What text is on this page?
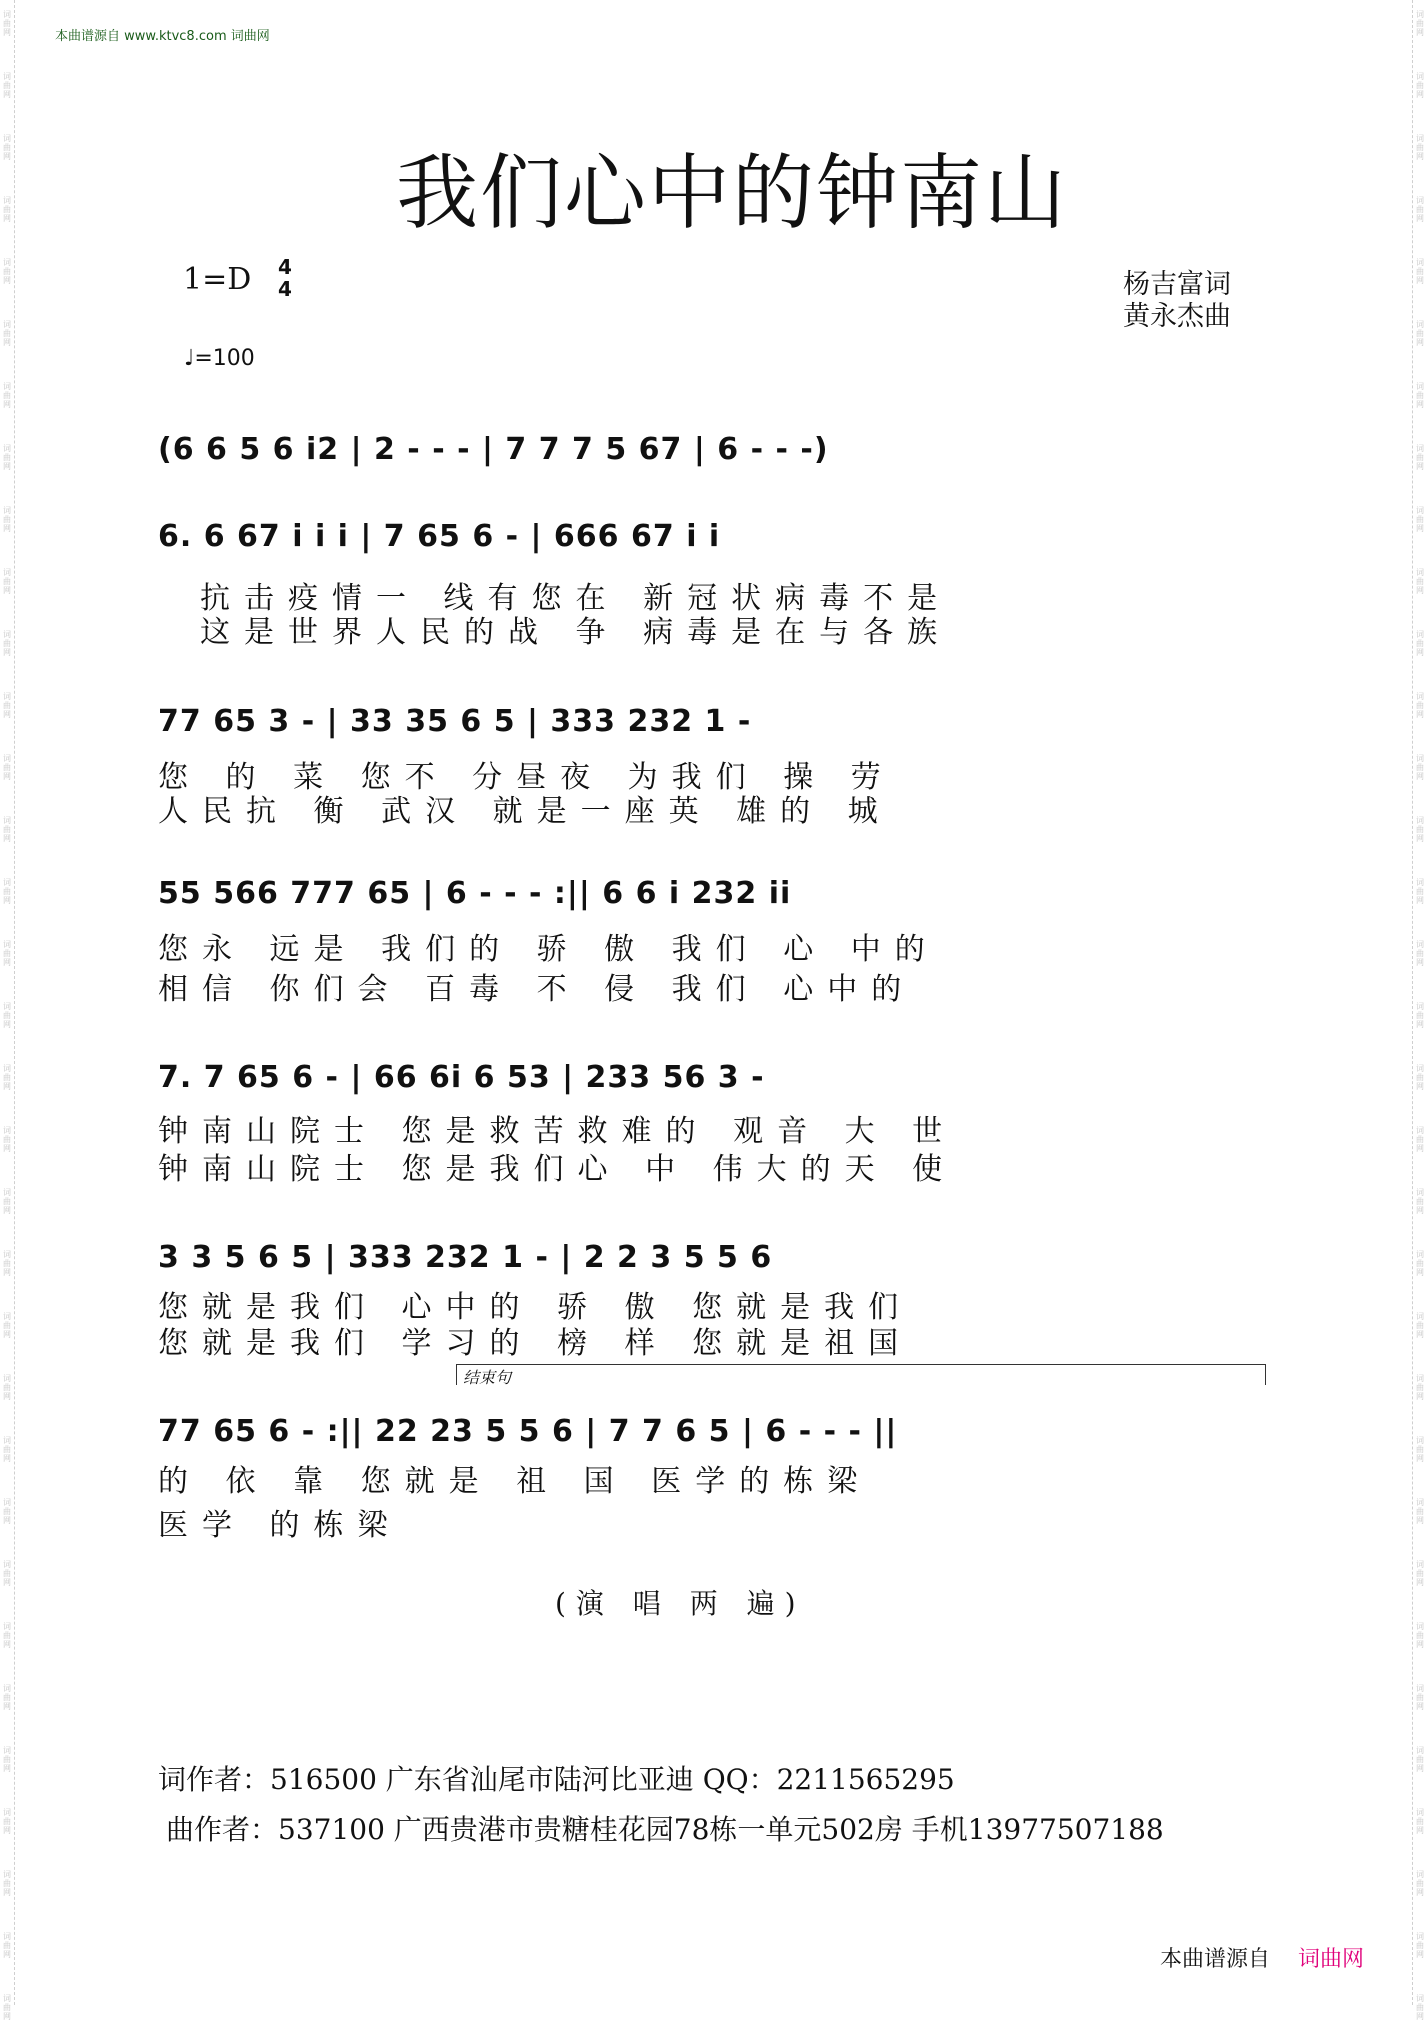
词曲网
词曲网
词曲网
词曲网
词曲网
词曲网
词曲网
词曲网
词曲网
词曲网
词曲网
词曲网
词曲网
词曲网
词曲网
词曲网
词曲网
词曲网
词曲网
词曲网
词曲网
词曲网
词曲网
词曲网
词曲网
词曲网
词曲网
词曲网
词曲网
词曲网
词曲网
词曲网
词曲网
词曲网
词曲网
词曲网
词曲网
词曲网
词曲网
词曲网
词曲网
词曲网
词曲网
词曲网
词曲网
词曲网
词曲网
词曲网
词曲网
词曲网
词曲网
词曲网
词曲网
词曲网
词曲网
词曲网
词曲网
词曲网
词曲网
词曲网
词曲网
词曲网
词曲网
词曲网
词曲网
词曲网
本曲谱源自 www.ktvc8.com 词曲网
我们心中的钟南山
1=D 4
4	杨吉富词
黄永杰曲
♩=100
(6 6 5 6 i2 | 2 - - - | 7 7 7 5 67 | 6 - - -)
6. 6 67 i i i | 7 65 6 - | 666 67 i i
抗击疫情一 线有您在 新冠状病毒不是
这是世界人民的战 争 病毒是在与各族
77 65 3 - | 33 35 6 5 | 333 232 1 -
您 的 菜 您不 分昼夜 为我们 操 劳
人民抗 衡 武汉 就是一座英 雄的 城
55 566 777 65 | 6 - - - :|| 6 6 i 232 ii
您永 远是 我们的 骄 傲 我们 心 中的
相信 你们会 百毒 不 侵 我们 心中的
7. 7 65 6 - | 66 6i 6 53 | 233 56 3 -
钟南山院士 您是救苦救难的 观音 大 世
钟南山院士 您是我们心 中 伟大的天 使
3 3 5 6 5 | 333 232 1 - | 2 2 3 5 5 6
您就是我们 心中的 骄 傲 您就是我们
您就是我们 学习的 榜 样 您就是祖国
结束句
77 65 6 - :|| 22 23 5 5 6 | 7 7 6 5 | 6 - - - ||
的 依 靠 您就是 祖 国 医学的栋梁
医学 的栋梁
(演 唱 两 遍)
词作者：516500 广东省汕尾市陆河比亚迪 QQ：2211565295
曲作者：537100 广西贵港市贵糖桂花园78栋一单元502房 手机13977507188
本曲谱源自 词曲网
